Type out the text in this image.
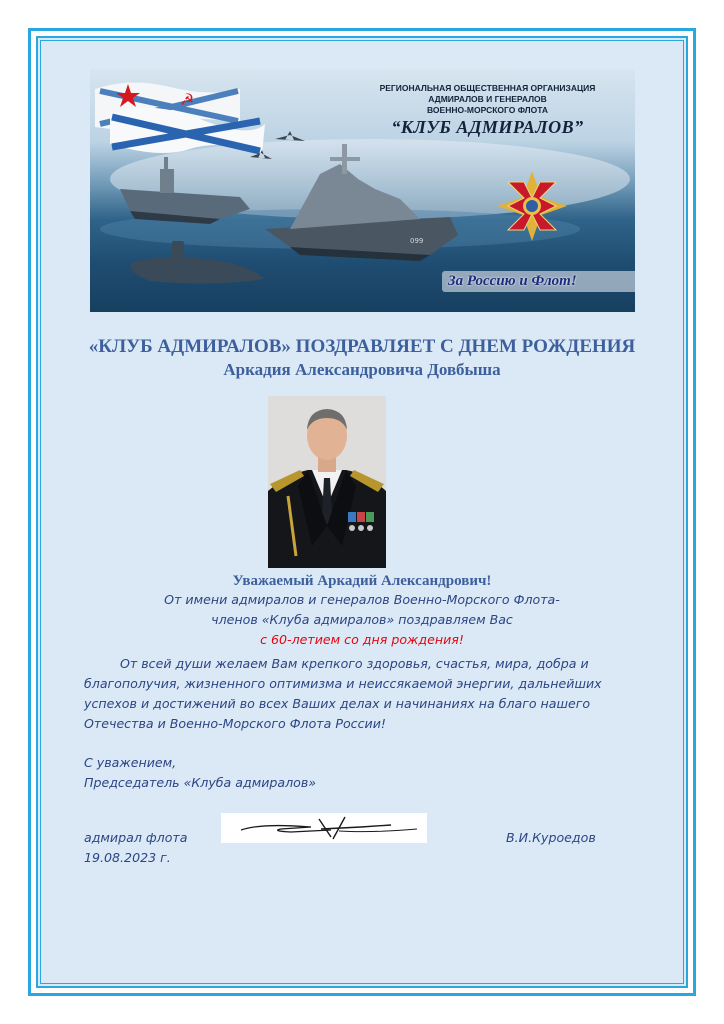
☭
099
РЕГИОНАЛЬНАЯ ОБЩЕСТВЕННАЯ ОРГАНИЗАЦИЯ
АДМИРАЛОВ И ГЕНЕРАЛОВ
ВОЕННО-МОРСКОГО ФЛОТА
“КЛУБ АДМИРАЛОВ”
За Россию и Флот!
«КЛУБ АДМИРАЛОВ» ПОЗДРАВЛЯЕТ С ДНЕМ РОЖДЕНИЯ
Аркадия Александровича Довбыша
Уважаемый Аркадий Александрович!
От имени адмиралов и генералов Военно-Морского Флота-
членов «Клуба адмиралов» поздравляем Вас
с 60-летием со дня рождения!
От всей души желаем Вам крепкого здоровья, счастья, мира, добра и
благополучия, жизненного оптимизма и неиссякаемой энергии, дальнейших
успехов и достижений во всех Ваших делах и начинаниях на благо нашего
Отечества и Военно-Морского Флота России!
С уважением,
Председатель «Клуба адмиралов»
адмирал флота	В.И.Куроедов
19.08.2023 г.
